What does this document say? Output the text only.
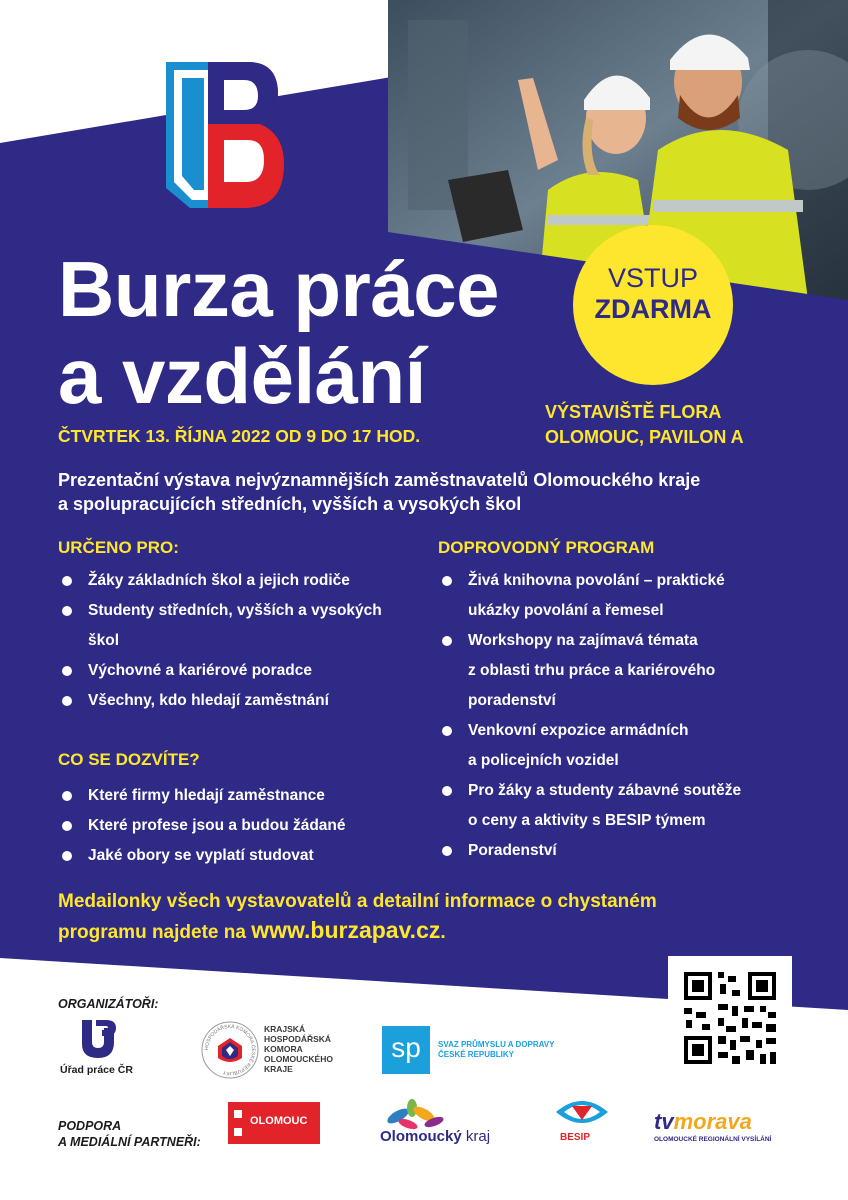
Burza práce
a vzdělání
VSTUP
ZDARMA
VÝSTAVIŠTĚ FLORA
OLOMOUC, PAVILON A
ČTVRTEK 13. ŘÍJNA 2022 OD 9 DO 17 HOD.
Prezentační výstava nejvýznamnějších zaměstnavatelů Olomouckého kraje
a spolupracujících středních, vyšších a vysokých škol
URČENO PRO:
Žáky základních škol a jejich rodiče
Studenty středních, vyšších a vysokých
škol
Výchovné a kariérové poradce
Všechny, kdo hledají zaměstnání
CO SE DOZVÍTE?
Které firmy hledají zaměstnance
Které profese jsou a budou žádané
Jaké obory se vyplatí studovat
DOPROVODNÝ PROGRAM
Živá knihovna povolání – praktické
ukázky povolání a řemesel
Workshopy na zajímavá témata
z oblasti trhu práce a kariérového
poradenství
Venkovní expozice armádních
a policejních vozidel
Pro žáky a studenty zábavné soutěže
o ceny a aktivity s BESIP týmem
Poradenství
Medailonky všech vystavovatelů a detailní informace o chystaném
programu najdete na www.burzapav.cz.
ORGANIZÁTOŘI:
Úřad práce ČR
HOSPODÁŘSKÁ KOMORA ČESKÉ REPUBLIKY
KRAJSKÁ
HOSPODÁŘSKÁ
KOMORA
OLOMOUCKÉHO
KRAJE
sp	SVAZ PRŮMYSLU A DOPRAVY
ČESKÉ REPUBLIKY
PODPORA
A MEDIÁLNÍ PARTNEŘI:
OLOMOUC
Olomoucký kraj	BESIP
tvmorava
OLOMOUCKÉ REGIONÁLNÍ VYSÍLÁNÍ
